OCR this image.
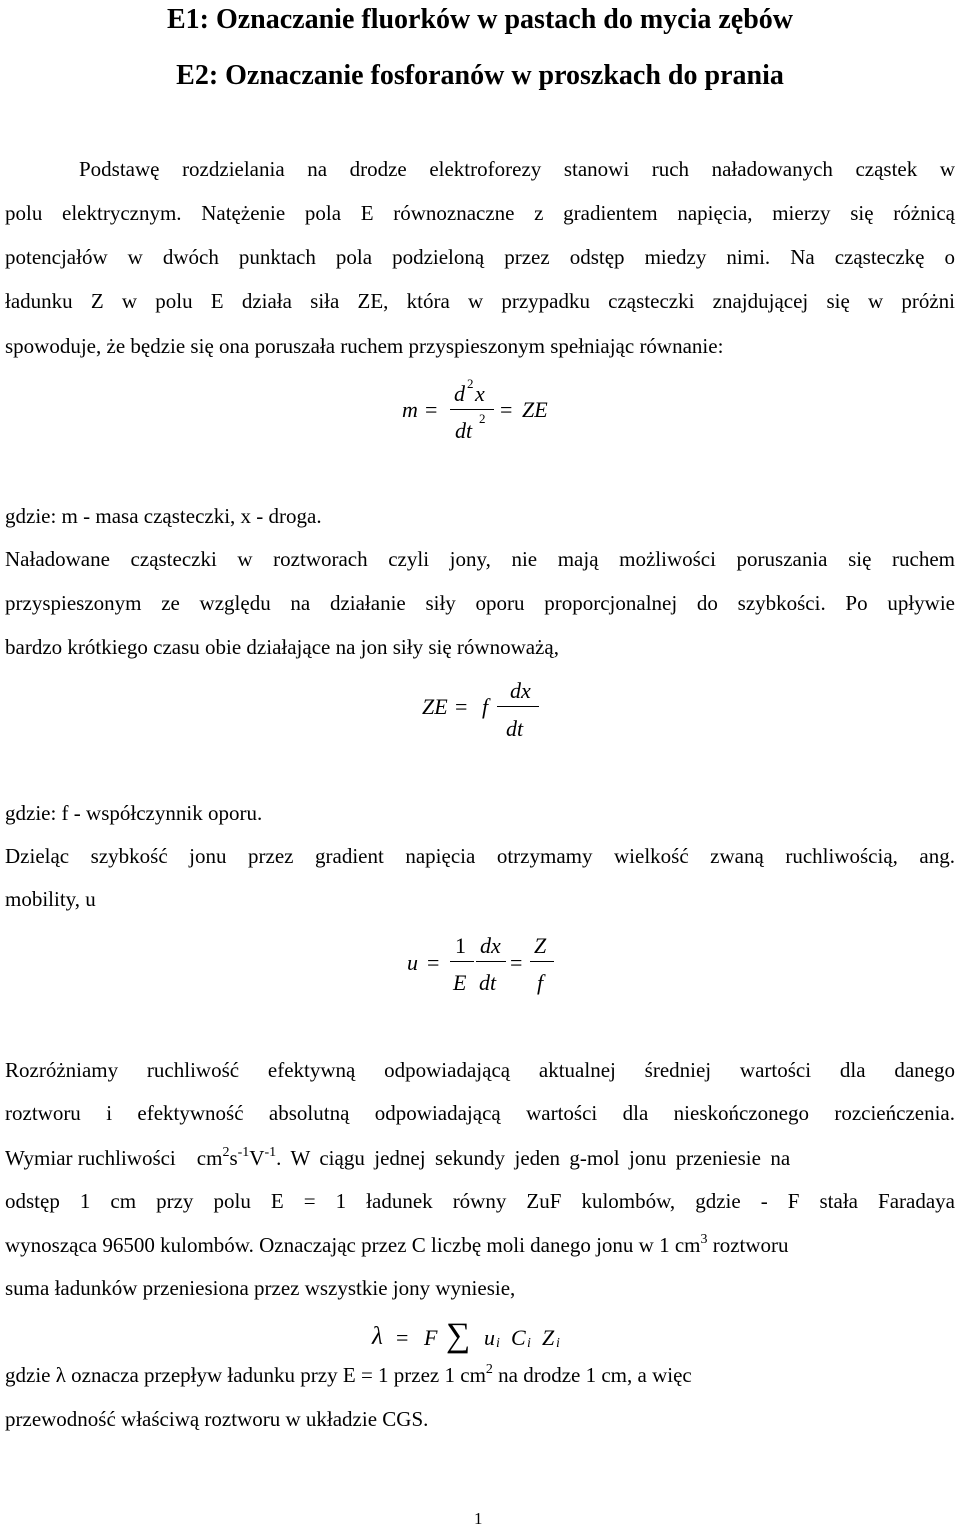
E1: Oznaczanie fluorków w pastach do mycia zębów
E2: Oznaczanie fosforanów w proszkach do prania
Podstawę rozdzielania na drodze elektroforezy stanowi ruch naładowanych cząstek w
polu elektrycznym. Natężenie pola E równoznaczne z gradientem napięcia, mierzy się różnicą
potencjałów w dwóch punktach pola podzieloną przez odstęp miedzy nimi. Na cząsteczkę o
ładunku Z w polu E działa siła ZE, która w przypadku cząsteczki znajdującej się w próżni
spowoduje, że będzie się ona poruszała ruchem przyspieszonym spełniając równanie:
m =
d 2 x
dt 2 = ZE
gdzie: m - masa cząsteczki, x - droga.
Naładowane cząsteczki w roztworach czyli jony, nie mają możliwości poruszania się ruchem
przyspieszonym ze względu na działanie siły oporu proporcjonalnej do szybkości. Po upływie
bardzo krótkiego czasu obie działające na jon siły się równoważą,
ZE = f
dx
dt
gdzie: f - współczynnik oporu.
Dzieląc szybkość jonu przez gradient napięcia otrzymamy wielkość zwaną ruchliwością, ang.
mobility, u
u =
1
E
dx
dt
=
Z
f
Rozróżniamy ruchliwość efektywną odpowiadającą aktualnej średniej wartości dla danego
roztworu i efektywność absolutną odpowiadającą wartości dla nieskończonego rozcieńczenia.
Wymiar ruchliwości $cm^2s^{-1}V^{-1}$. W ciągu jednej sekundy jeden g-mol jonu przeniesie na
odstęp 1 cm przy polu E = 1 ładunek równy ZuF kulombów, gdzie - F stała Faradaya
wynosząca 96500 kulombów. Oznaczając przez C liczbę moli danego jonu w 1 $cm^3$ roztworu
suma ładunków przeniesiona przez wszystkie jony wyniesie,
λ = F ∑ u i C i Z i
gdzie λ oznacza przepływ ładunku przy E = 1 przez 1 $cm^2$ na drodze 1 cm, a więc
przewodność właściwą roztworu w układzie CGS.
1
